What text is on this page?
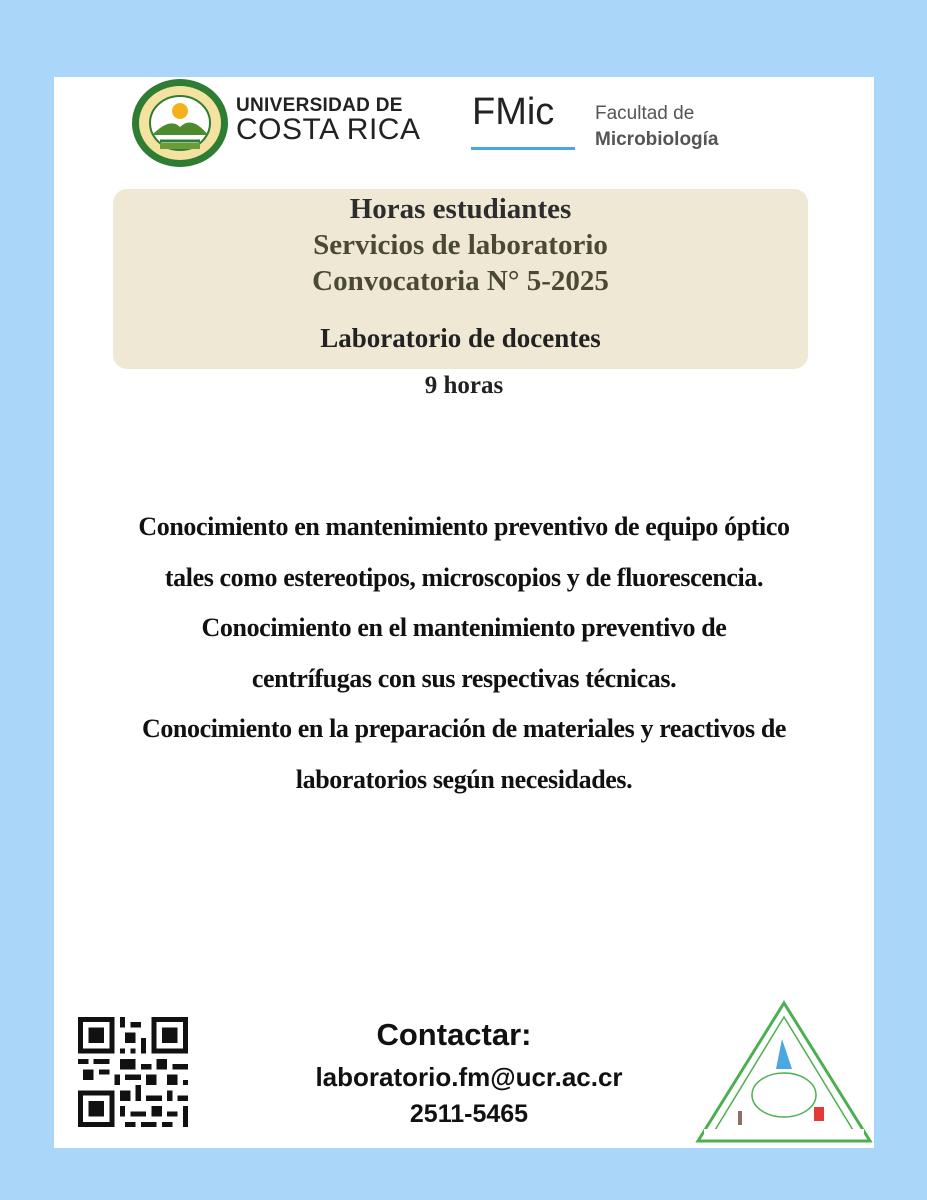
UNIVERSIDAD DE
COSTA RICA FMic Facultad de
Microbiología
Horas estudiantes
Servicios de laboratorio
Convocatoria N° 5-2025
Laboratorio de docentes
9 horas
Conocimiento en mantenimiento preventivo de equipo óptico
tales como estereotipos, microscopios y de fluorescencia.
Conocimiento en el mantenimiento preventivo de
centrífugas con sus respectivas técnicas.
Conocimiento en la preparación de materiales y reactivos de
laboratorios según necesidades.
Contactar:
laboratorio.fm@ucr.ac.cr
2511-5465
